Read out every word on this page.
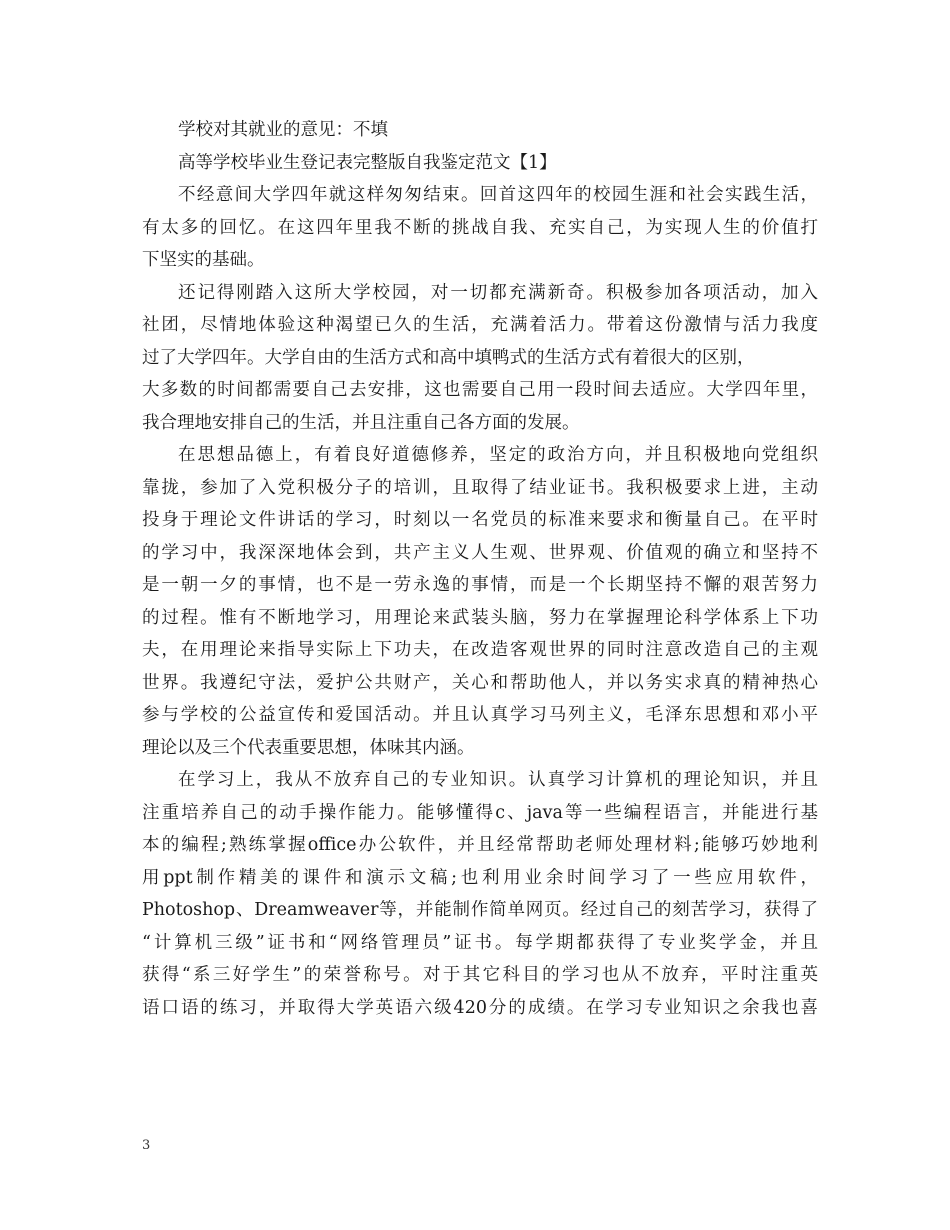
学校对其就业的意见：不填
高等学校毕业生登记表完整版自我鉴定范文【1】
不经意间大学四年就这样匆匆结束。回首这四年的校园生涯和社会实践生活，
有太多的回忆。在这四年里我不断的挑战自我、充实自己，为实现人生的价值打
下坚实的基础。
还记得刚踏入这所大学校园，对一切都充满新奇。积极参加各项活动，加入
社团，尽情地体验这种渴望已久的生活，充满着活力。带着这份激情与活力我度
过了大学四年。大学自由的生活方式和高中填鸭式的生活方式有着很大的区别，
大多数的时间都需要自己去安排，这也需要自己用一段时间去适应。大学四年里，
我合理地安排自己的生活，并且注重自己各方面的发展。
在思想品德上，有着良好道德修养，坚定的政治方向，并且积极地向党组织
靠拢，参加了入党积极分子的培训，且取得了结业证书。我积极要求上进，主动
投身于理论文件讲话的学习，时刻以一名党员的标准来要求和衡量自己。在平时
的学习中，我深深地体会到，共产主义人生观、世界观、价值观的确立和坚持不
是一朝一夕的事情，也不是一劳永逸的事情，而是一个长期坚持不懈的艰苦努力
的过程。惟有不断地学习，用理论来武装头脑，努力在掌握理论科学体系上下功
夫，在用理论来指导实际上下功夫，在改造客观世界的同时注意改造自己的主观
世界。我遵纪守法，爱护公共财产，关心和帮助他人，并以务实求真的精神热心
参与学校的公益宣传和爱国活动。并且认真学习马列主义，毛泽东思想和邓小平
理论以及三个代表重要思想，体味其内涵。
在学习上，我从不放弃自己的专业知识。认真学习计算机的理论知识，并且
注重培养自己的动手操作能力。能够懂得c、java等一些编程语言，并能进行基
本的编程;熟练掌握office办公软件，并且经常帮助老师处理材料;能够巧妙地利
用ppt制作精美的课件和演示文稿;也利用业余时间学习了一些应用软件，
Photoshop、Dreamweaver等，并能制作简单网页。经过自己的刻苦学习，获得了
“计算机三级”证书和“网络管理员”证书。每学期都获得了专业奖学金，并且
获得“系三好学生”的荣誉称号。对于其它科目的学习也从不放弃，平时注重英
语口语的练习，并取得大学英语六级420分的成绩。在学习专业知识之余我也喜
3
